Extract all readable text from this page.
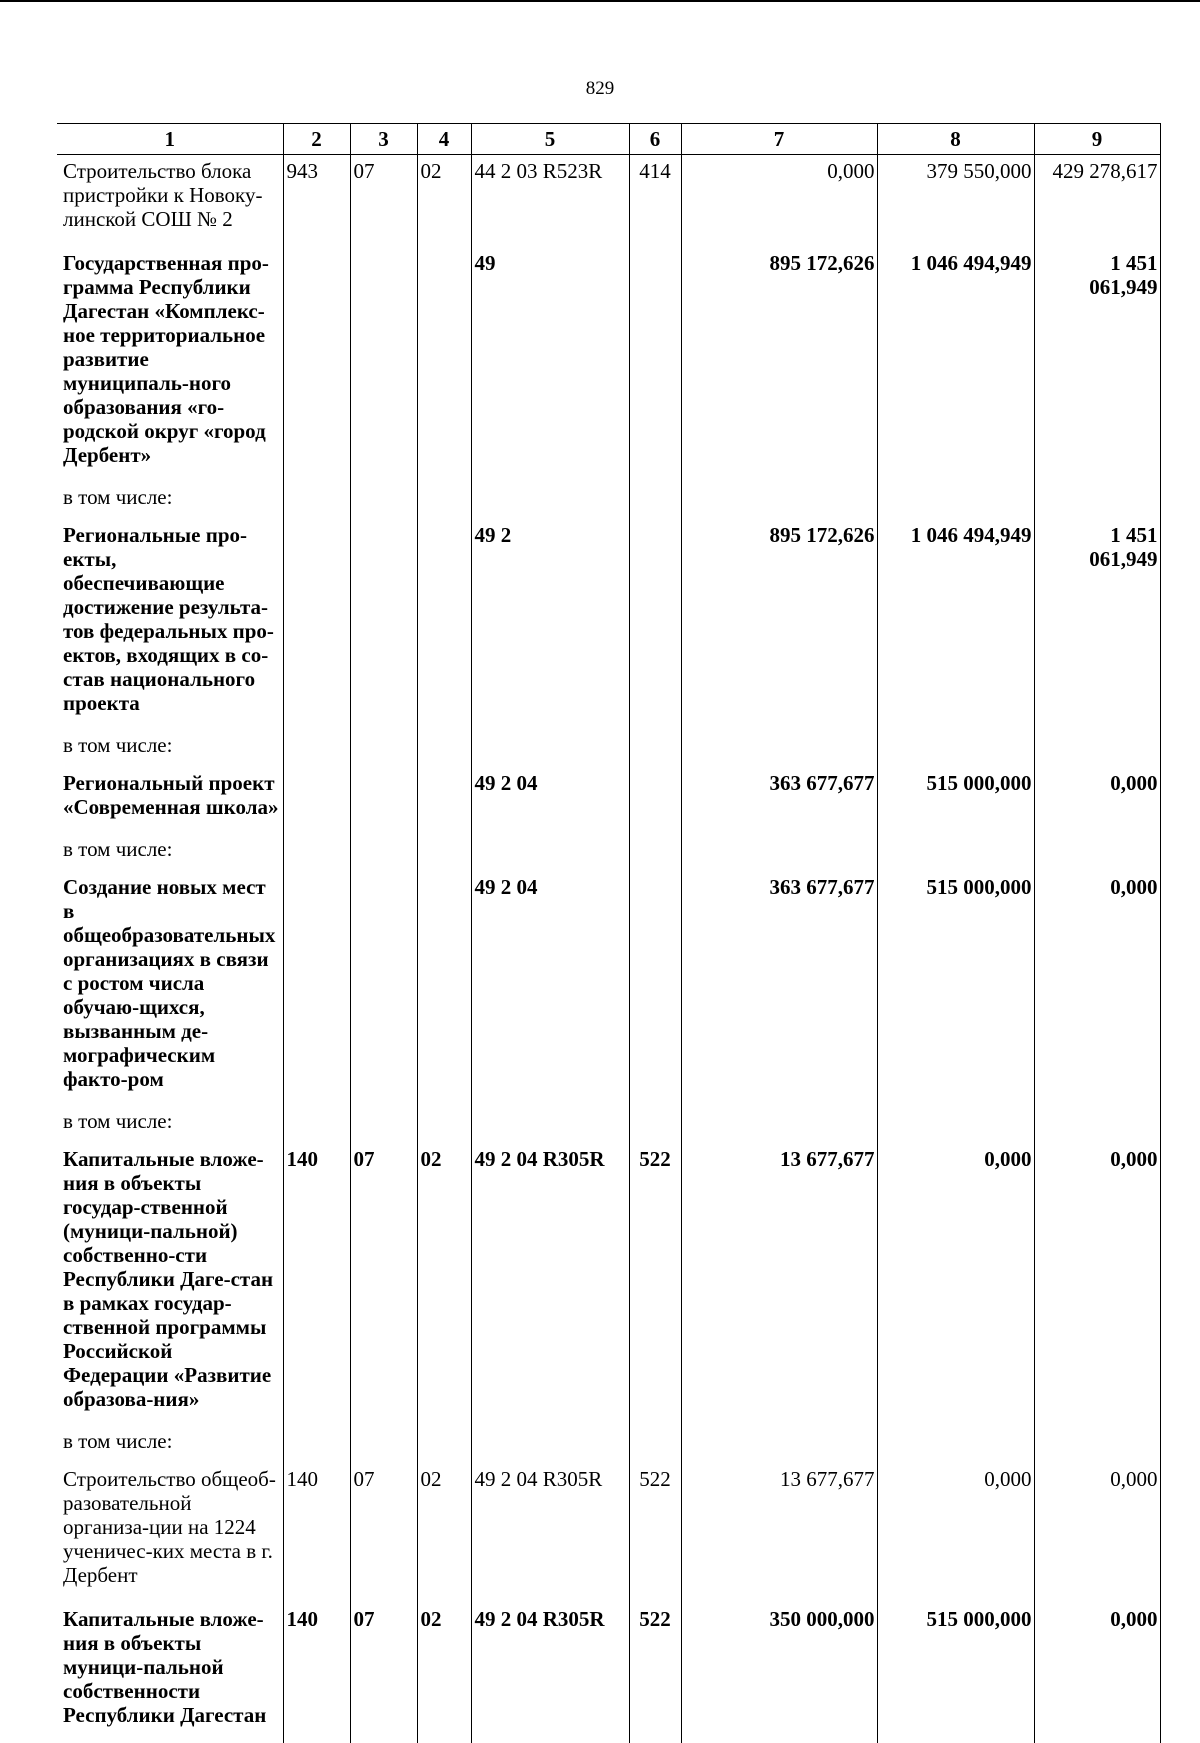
829
1	2	3	4	5	6	7	8	9
Строительство блока пристройки к Новоку-линской СОШ № 2	943	07	02	44 2 03 R523R	414	0,000	379 550,000	429 278,617
Государственная про-грамма Республики Дагестан «Комплекс-ное территориальное развитие муниципаль-ного образования «го-родской округ «город Дербент»				49		895 172,626	1 046 494,949	1 451 061,949
в том числе:								
Региональные про-екты, обеспечивающие достижение результа-тов федеральных про-ектов, входящих в со-став национального проекта				49 2		895 172,626	1 046 494,949	1 451 061,949
в том числе:								
Региональный проект «Современная школа»				49 2 04		363 677,677	515 000,000	0,000
в том числе:								
Создание новых мест в общеобразовательных организациях в связи с ростом числа обучаю-щихся, вызванным де-мографическим факто-ром				49 2 04		363 677,677	515 000,000	0,000
в том числе:								
Капитальные вложе-ния в объекты государ-ственной (муници-пальной) собственно-сти Республики Даге-стан в рамках государ-ственной программы Российской Федерации «Развитие образова-ния»	140	07	02	49 2 04 R305R	522	13 677,677	0,000	0,000
в том числе:								
Строительство общеоб-разовательной организа-ции на 1224 ученичес-ких места в г. Дербент	140	07	02	49 2 04 R305R	522	13 677,677	0,000	0,000
Капитальные вложе-ния в объекты муници-пальной собственности Республики Дагестан	140	07	02	49 2 04 R305R	522	350 000,000	515 000,000	0,000
